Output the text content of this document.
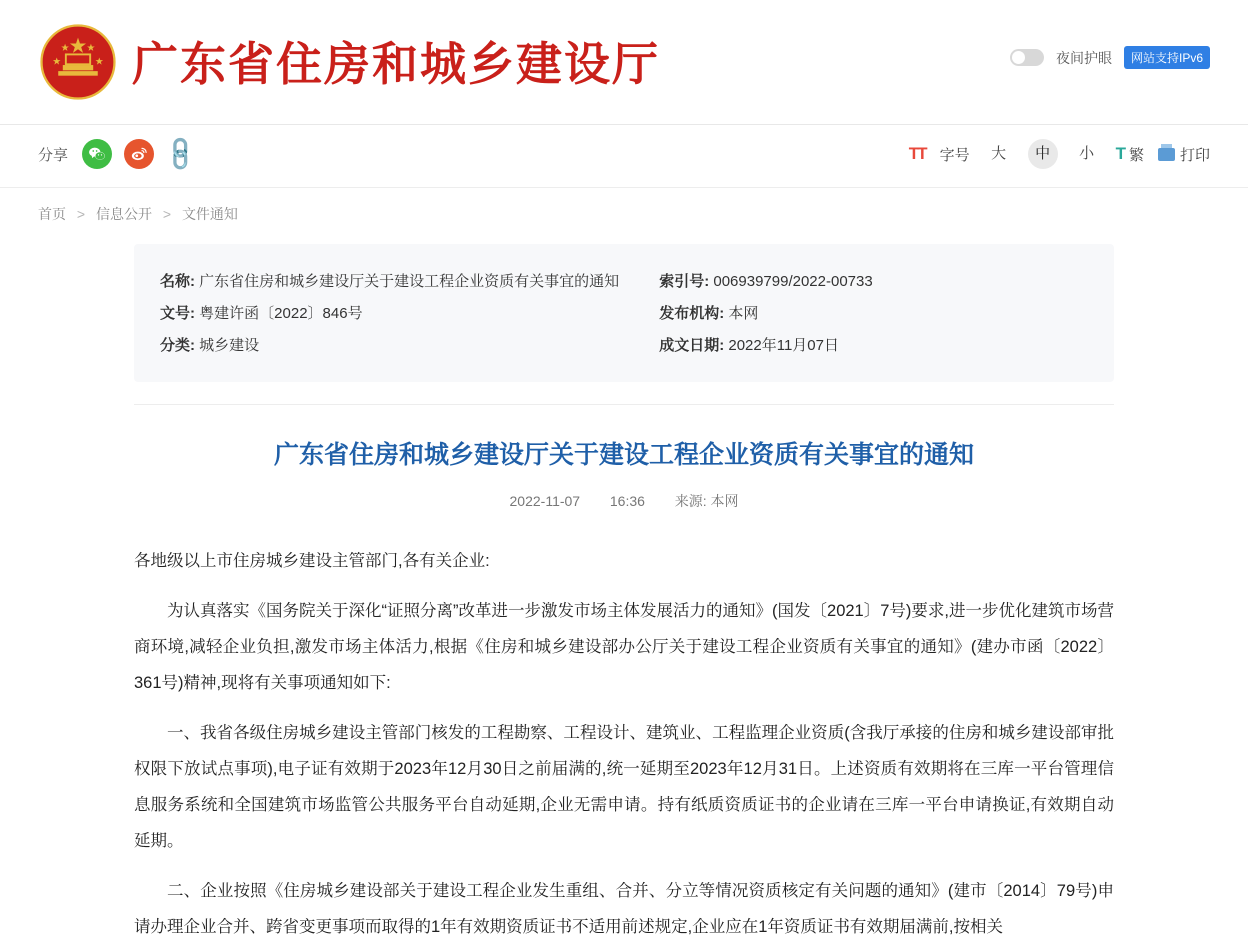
广东省住房和城乡建设厅	夜间护眼	网站支持IPv6
分享	🔗	TT 字号	大	中	小	T 繁 打印
首页 > 信息公开 > 文件通知
名称: 广东省住房和城乡建设厅关于建设工程企业资质有关事宜的通知
文号: 粤建许函〔2022〕846号
分类: 城乡建设
索引号: 006939799/2022-00733
发布机构: 本网
成文日期: 2022年11月07日
广东省住房和城乡建设厅关于建设工程企业资质有关事宜的通知
2022-11-07 16:36 来源: 本网

各地级以上市住房城乡建设主管部门,各有关企业:

为认真落实《国务院关于深化“证照分离”改革进一步激发市场主体发展活力的通知》(国发〔2021〕7号)要求,进一步优化建筑市场营商环境,减轻企业负担,激发市场主体活力,根据《住房和城乡建设部办公厅关于建设工程企业资质有关事宜的通知》(建办市函〔2022〕361号)精神,现将有关事项通知如下:

一、我省各级住房城乡建设主管部门核发的工程勘察、工程设计、建筑业、工程监理企业资质(含我厅承接的住房和城乡建设部审批权限下放试点事项),电子证有效期于2023年12月30日之前届满的,统一延期至2023年12月31日。上述资质有效期将在三库一平台管理信息服务系统和全国建筑市场监管公共服务平台自动延期,企业无需申请。持有纸质资质证书的企业请在三库一平台申请换证,有效期自动延期。

二、企业按照《住房城乡建设部关于建设工程企业发生重组、合并、分立等情况资质核定有关问题的通知》(建市〔2014〕79号)申请办理企业合并、跨省变更事项而取得的1年有效期资质证书不适用前述规定,企业应在1年资质证书有效期届满前,按相关
